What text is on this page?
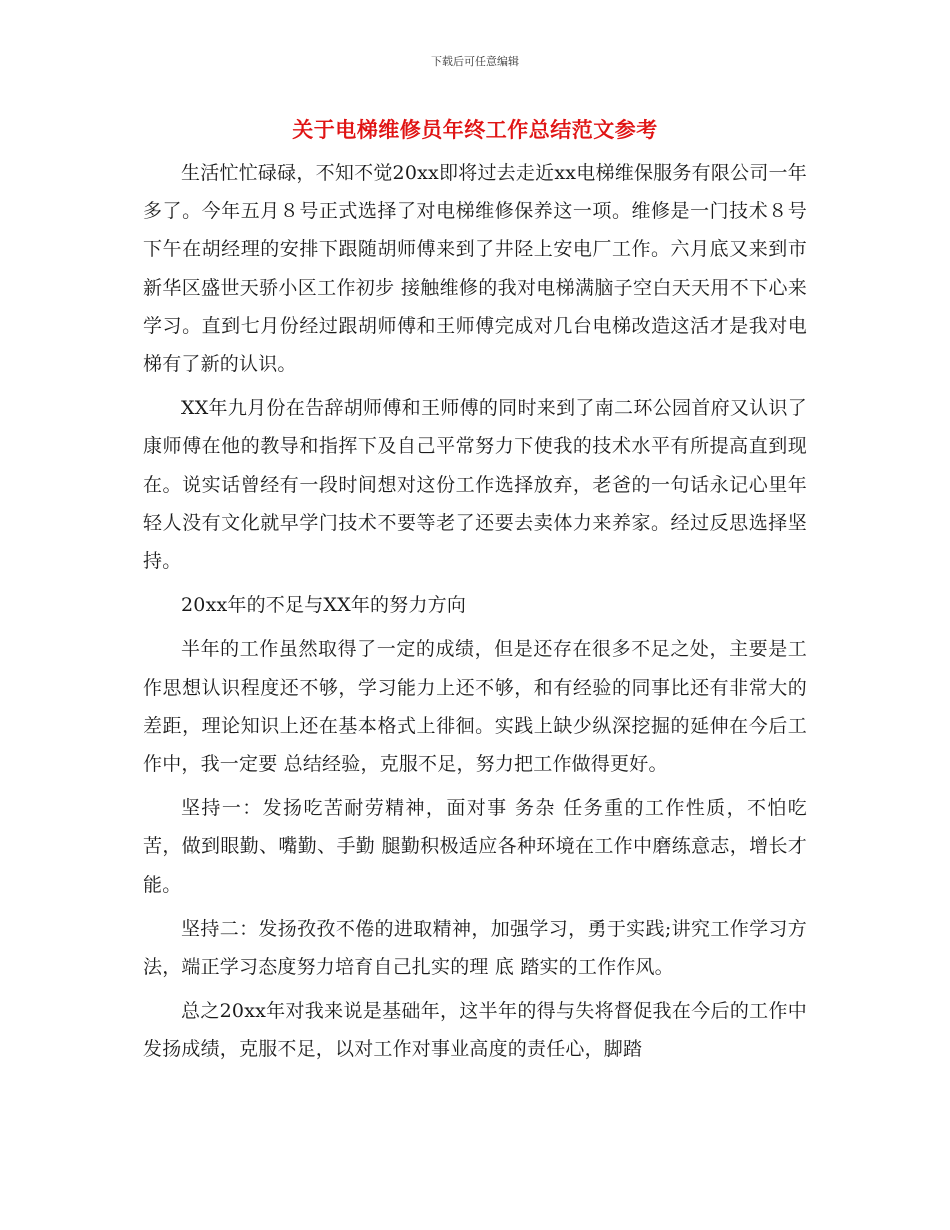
下载后可任意编辑
关于电梯维修员年终工作总结范文参考

生活忙忙碌碌，不知不觉20xx即将过去走近xx电梯维保服务有限公司一年多了。今年五月８号正式选择了对电梯维修保养这一项。维修是一门技术８号下午在胡经理的安排下跟随胡师傅来到了井陉上安电厂工作。六月底又来到市新华区盛世天骄小区工作初步 接触维修的我对电梯满脑子空白天天用不下心来学习。直到七月份经过跟胡师傅和王师傅完成对几台电梯改造这活才是我对电梯有了新的认识。

XX年九月份在告辞胡师傅和王师傅的同时来到了南二环公园首府又认识了康师傅在他的教导和指挥下及自己平常努力下使我的技术水平有所提高直到现在。说实话曾经有一段时间想对这份工作选择放弃，老爸的一句话永记心里年轻人没有文化就早学门技术不要等老了还要去卖体力来养家。经过反思选择坚持。

20xx年的不足与XX年的努力方向

半年的工作虽然取得了一定的成绩，但是还存在很多不足之处，主要是工作思想认识程度还不够，学习能力上还不够，和有经验的同事比还有非常大的差距，理论知识上还在基本格式上徘徊。实践上缺少纵深挖掘的延伸在今后工作中，我一定要 总结经验，克服不足，努力把工作做得更好。

坚持一：发扬吃苦耐劳精神，面对事 务杂 任务重的工作性质，不怕吃苦，做到眼勤、嘴勤、手勤 腿勤积极适应各种环境在工作中磨练意志，增长才能。

坚持二：发扬孜孜不倦的进取精神，加强学习，勇于实践;讲究工作学习方法，端正学习态度努力培育自己扎实的理 底 踏实的工作作风。

总之20xx年对我来说是基础年，这半年的得与失将督促我在今后的工作中发扬成绩，克服不足，以对工作对事业高度的责任心，脚踏
